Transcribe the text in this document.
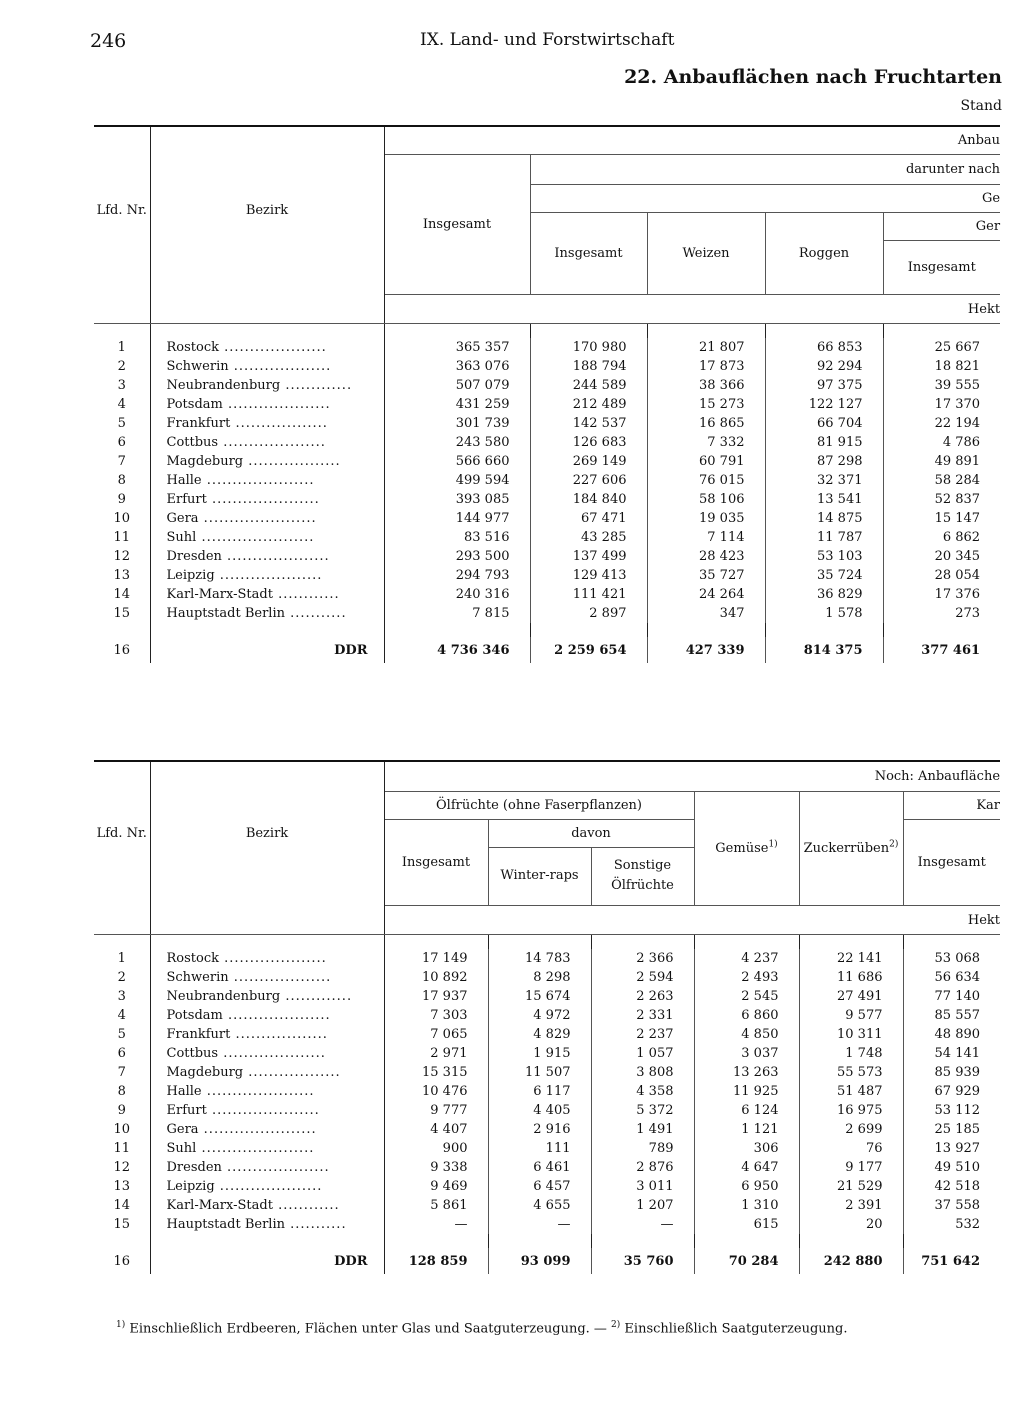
246	IX. Land- und Forstwirtschaft
22. Anbauflächen nach Fruchtarten
Stand
Lfd. Nr.	Bezirk	Anbau				
		Insgesamt	darunter nach			
			Ge			
			Insgesamt	Weizen	Roggen	Ger
						Insgesamt

		Hekt				

1	Rostock ....................	365 357	170 980	21 807	66 853	25 667
2	Schwerin ...................	363 076	188 794	17 873	92 294	18 821
3	Neubrandenburg .............	507 079	244 589	38 366	97 375	39 555
4	Potsdam ....................	431 259	212 489	15 273	122 127	17 370
5	Frankfurt ..................	301 739	142 537	16 865	66 704	22 194
6	Cottbus ....................	243 580	126 683	7 332	81 915	4 786
7	Magdeburg ..................	566 660	269 149	60 791	87 298	49 891
8	Halle .....................	499 594	227 606	76 015	32 371	58 284
9	Erfurt .....................	393 085	184 840	58 106	13 541	52 837
10	Gera ......................	144 977	67 471	19 035	14 875	15 147
11	Suhl ......................	83 516	43 285	7 114	11 787	6 862
12	Dresden ....................	293 500	137 499	28 423	53 103	20 345
13	Leipzig ....................	294 793	129 413	35 727	35 724	28 054
14	Karl-Marx-Stadt ............	240 316	111 421	24 264	36 829	17 376
15	Hauptstadt Berlin ...........	7 815	2 897	347	1 578	273

16	DDR	4 736 346	2 259 654	427 339	814 375	377 461
Lfd. Nr.	Bezirk	Noch: Anbaufläche					
		Ölfrüchte (ohne Faserpflanzen)			Gemüse$^{1)}$	Zuckerrüben$^{2)}$	Kar
		Insgesamt	davon				Insgesamt
			Winter-raps	Sonstige Ölfrüchte			

		Hekt					

1	Rostock ....................	17 149	14 783	2 366	4 237	22 141	53 068
2	Schwerin ...................	10 892	8 298	2 594	2 493	11 686	56 634
3	Neubrandenburg .............	17 937	15 674	2 263	2 545	27 491	77 140
4	Potsdam ....................	7 303	4 972	2 331	6 860	9 577	85 557
5	Frankfurt ..................	7 065	4 829	2 237	4 850	10 311	48 890
6	Cottbus ....................	2 971	1 915	1 057	3 037	1 748	54 141
7	Magdeburg ..................	15 315	11 507	3 808	13 263	55 573	85 939
8	Halle .....................	10 476	6 117	4 358	11 925	51 487	67 929
9	Erfurt .....................	9 777	4 405	5 372	6 124	16 975	53 112
10	Gera ......................	4 407	2 916	1 491	1 121	2 699	25 185
11	Suhl ......................	900	111	789	306	76	13 927
12	Dresden ....................	9 338	6 461	2 876	4 647	9 177	49 510
13	Leipzig ....................	9 469	6 457	3 011	6 950	21 529	42 518
14	Karl-Marx-Stadt ............	5 861	4 655	1 207	1 310	2 391	37 558
15	Hauptstadt Berlin ...........	—	—	—	615	20	532

16	DDR	128 859	93 099	35 760	70 284	242 880	751 642
$^{1)}$ Einschließlich Erdbeeren, Flächen unter Glas und Saatguterzeugung. — $^{2)}$ Einschließlich Saatguterzeugung.
